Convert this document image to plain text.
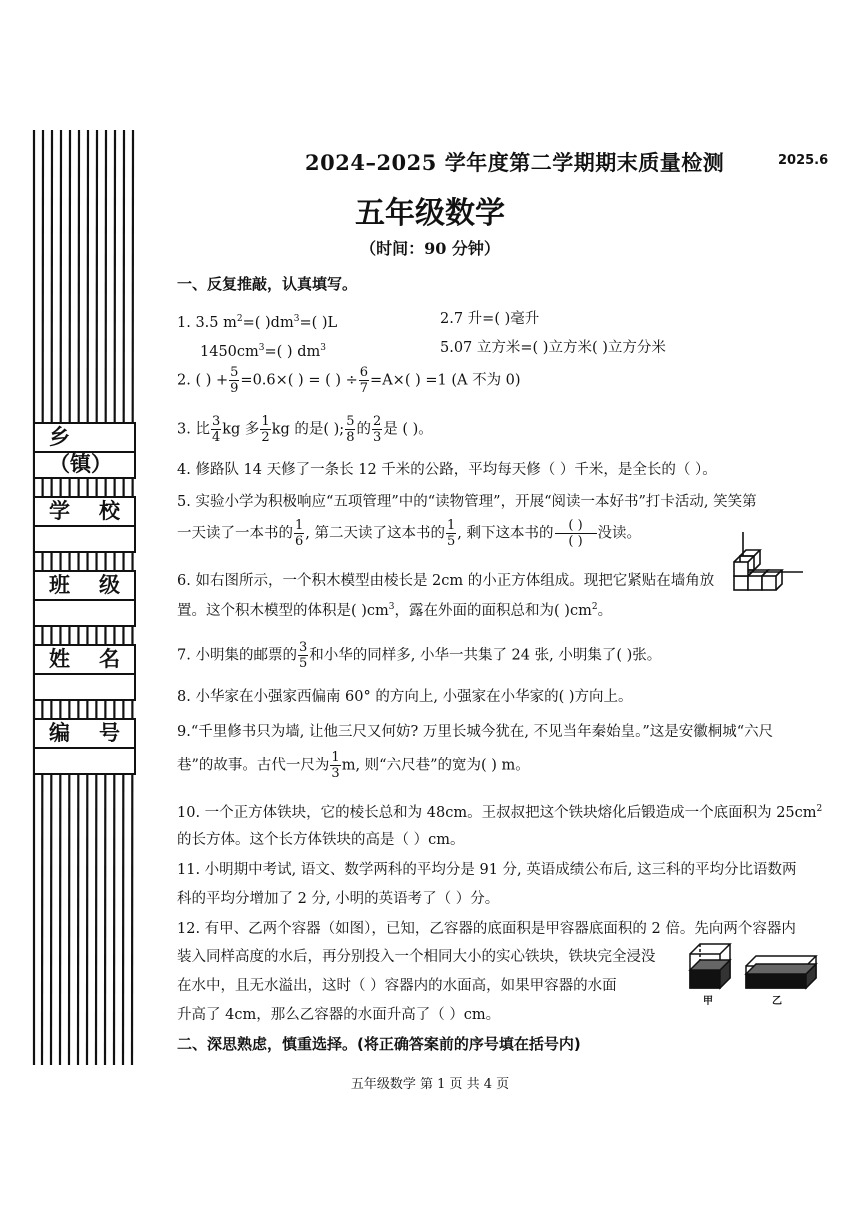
乡（镇）
学 校
班 级
姓 名
编 号
2024–2025 学年度第二学期期末质量检测	2025.6
五年级数学
（时间：90 分钟）
一、反复推敲，认真填写。
1. 3.5 $m^2=$( )$dm^3=$( )L	2.7 升=( )毫升
$1450cm^3=$( ) $dm^3$	5.07 立方米=( )立方米( )立方分米
2. ( ) + $\frac{5}{9} =0.6\times$( ) = ( ) ÷ $\frac{6}{7} =A\times$( ) =1 (A 不为 0)
3. 比 $\frac{3}{4}$ kg 多 $\frac{1}{2}$ kg 的是( ); $\frac{5}{8}$ 的 $\frac{2}{3}$ 是 ( )。
4. 修路队 14 天修了一条长 12 千米的公路，平均每天修（ ）千米，是全长的（ ）。
5. 实验小学为积极响应“五项管理”中的“读物管理”，开展“阅读一本好书”打卡活动, 笑笑第
一天读了一本书的 $\frac{1}{6}$ , 第二天读了这本书的 $\frac{1}{5}$ , 剩下这本书的 $\frac{( )}{( )}$ 没读。
6. 如右图所示，一个积木模型由棱长是 2cm 的小正方体组成。现把它紧贴在墙角放
置。这个积木模型的体积是( )$cm^3$，露在外面的面积总和为( )$cm^2$。
7. 小明集的邮票的 $\frac{3}{5}$ 和小华的同样多, 小华一共集了 24 张, 小明集了( )张。
8. 小华家在小强家西偏南 60° 的方向上, 小强家在小华家的( )方向上。
9.“千里修书只为墙, 让他三尺又何妨? 万里长城今犹在, 不见当年秦始皇。”这是安徽桐城“六尺
巷”的故事。古代一尺为 $\frac{1}{3} m$, 则“六尺巷”的宽为( ) m。
10. 一个正方体铁块，它的棱长总和为 48cm。王叔叔把这个铁块熔化后锻造成一个底面积为 $25cm^2$
的长方体。这个长方体铁块的高是（ ）cm。
11. 小明期中考试, 语文、数学两科的平均分是 91 分, 英语成绩公布后, 这三科的平均分比语数两
科的平均分增加了 2 分, 小明的英语考了（ ）分。
12. 有甲、乙两个容器（如图），已知，乙容器的底面积是甲容器底面积的 2 倍。先向两个容器内
装入同样高度的水后，再分别投入一个相同大小的实心铁块，铁块完全浸没
在水中，且无水溢出，这时（ ）容器内的水面高，如果甲容器的水面
升高了 4cm，那么乙容器的水面升高了（ ）cm。
甲	乙
二、深思熟虑，慎重选择。(将正确答案前的序号填在括号内)
五年级数学 第 1 页 共 4 页
